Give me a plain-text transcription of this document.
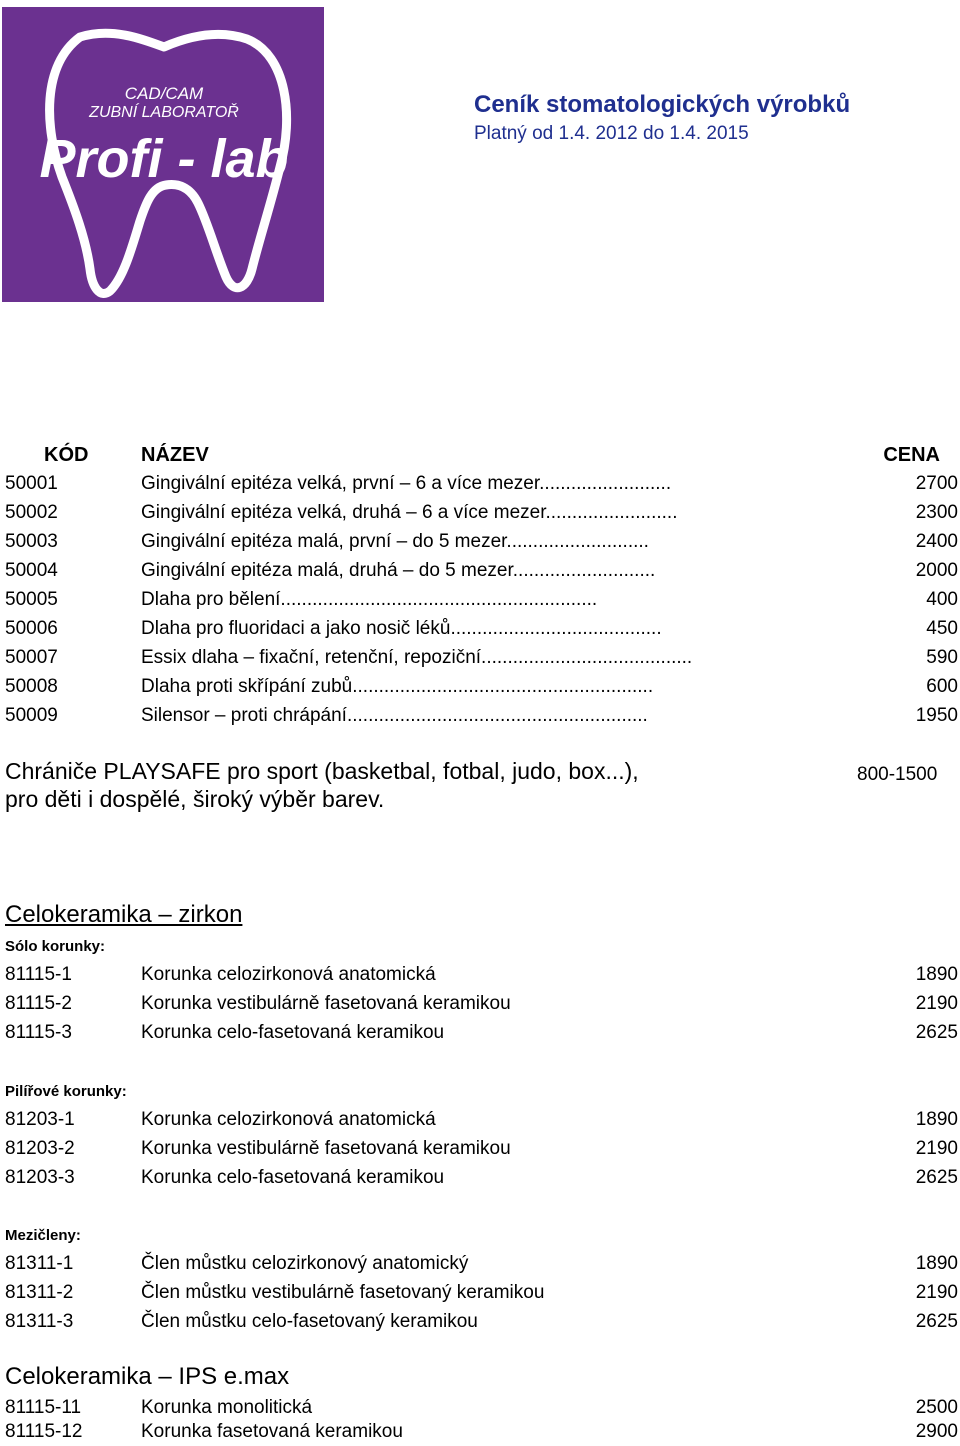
CAD/CAM
ZUBNÍ LABORATOŘ
Profi - lab
Ceník stomatologických výrobků
Platný od 1.4. 2012 do 1.4. 2015
KÓD	NÁZEV	CENA
50001	Gingivální epitéza velká, první – 6 a více mezer.........................	2700
50002	Gingivální epitéza velká, druhá – 6 a více mezer.........................	2300
50003	Gingivální epitéza malá, první – do 5 mezer...........................	2400
50004	Gingivální epitéza malá, druhá – do 5 mezer...........................	2000
50005	Dlaha pro bělení............................................................	400
50006	Dlaha pro fluoridaci a jako nosič léků........................................	450
50007	Essix dlaha – fixační, retenční, repoziční........................................	590
50008	Dlaha proti skřípání zubů.........................................................	600
50009	Silensor – proti chrápání.........................................................	1950
Chrániče PLAYSAFE pro sport (basketbal, fotbal, judo, box...),
pro děti i dospělé, široký výběr barev.
800-1500
Celokeramika – zirkon
Sólo korunky:
81115-1	Korunka celozirkonová anatomická	1890
81115-2	Korunka vestibulárně fasetovaná keramikou	2190
81115-3	Korunka celo-fasetovaná keramikou	2625
Pilířové korunky:
81203-1	Korunka celozirkonová anatomická	1890
81203-2	Korunka vestibulárně fasetovaná keramikou	2190
81203-3	Korunka celo-fasetovaná keramikou	2625
Mezičleny:
81311-1	Člen můstku celozirkonový anatomický	1890
81311-2	Člen můstku vestibulárně fasetovaný keramikou	2190
81311-3	Člen můstku celo-fasetovaný keramikou	2625
Celokeramika – IPS e.max
81115-11	Korunka monolitická	2500
81115-12	Korunka fasetovaná keramikou	2900
